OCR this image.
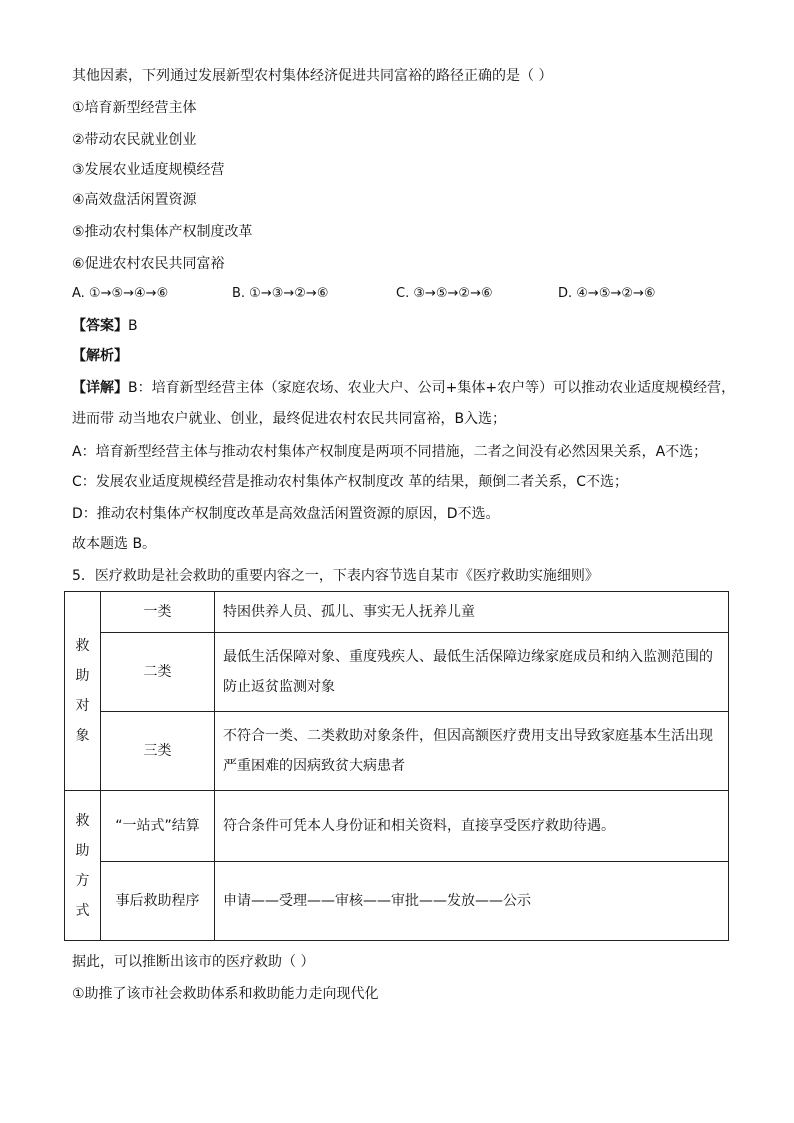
其他因素，下列通过发展新型农村集体经济促进共同富裕的路径正确的是（ ）
①培育新型经营主体
②带动农民就业创业
③发展农业适度规模经营
④高效盘活闲置资源
⑤推动农村集体产权制度改革
⑥促进农村农民共同富裕
A. ①→⑤→④→⑥	B. ①→③→②→⑥	C. ③→⑤→②→⑥	D. ④→⑤→②→⑥
【答案】B
【解析】
【详解】B：培育新型经营主体（家庭农场、农业大户、公司+集体+农户等）可以推动农业适度规模经营，
进而带 动当地农户就业、创业，最终促进农村农民共同富裕，B入选；
A：培育新型经营主体与推动农村集体产权制度是两项不同措施，二者之间没有必然因果关系，A不选；
C：发展农业适度规模经营是推动农村集体产权制度改 革的结果，颠倒二者关系，C不选；
D：推动农村集体产权制度改革是高效盘活闲置资源的原因，D不选。
故本题选 B。
5．医疗救助是社会救助的重要内容之一，下表内容节选自某市《医疗救助实施细则》
救
助
对
象	一类	特困供养人员、孤儿、事实无人抚养儿童
	二类	最低生活保障对象、重度残疾人、最低生活保障边缘家庭成员和纳入监测范围的防止返贫监测对象
	三类	不符合一类、二类救助对象条件，但因高额医疗费用支出导致家庭基本生活出现严重困难的因病致贫大病患者

救
助
方
式	“一站式”结算	符合条件可凭本人身份证和相关资料，直接享受医疗救助待遇。
	事后救助程序	申请——受理——审核——审批——发放——公示
据此，可以推断出该市的医疗救助（ ）
①助推了该市社会救助体系和救助能力走向现代化
